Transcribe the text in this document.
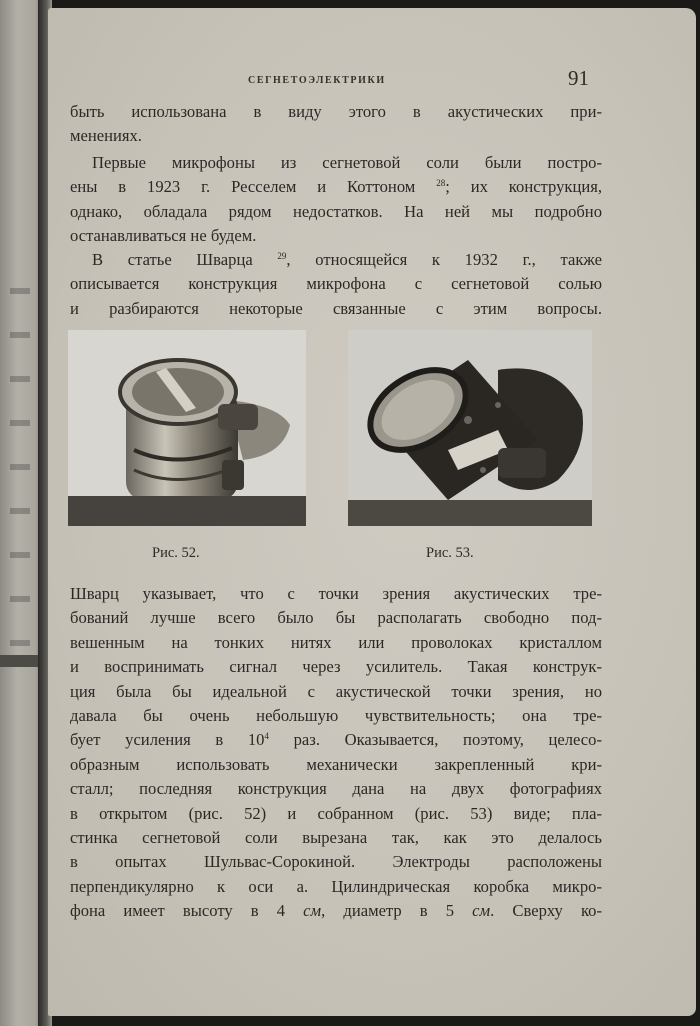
сегнетоэлектрики	91

быть использована в виду этого в акустических при-
менениях.

Первые микрофоны из сегнетовой соли были постро-
ены в 1923 г. Ресселем и Коттоном $^{28}$; их конструкция,
однако, обладала рядом недостатков. На ней мы подробно
останавливаться не будем.

В статье Шварца $^{29}$, относящейся к 1932 г., также
описывается конструкция микрофона с сегнетовой солью
и разбираются некоторые связанные с этим вопросы.

Рис. 52.	Рис. 53.

Шварц указывает, что с точки зрения акустических тре-
бований лучше всего было бы располагать свободно под-
вешенным на тонких нитях или проволоках кристаллом
и воспринимать сигнал через усилитель. Такая конструк-
ция была бы идеальной с акустической точки зрения, но
давала бы очень небольшую чувствительность; она тре-
бует усиления в $10^4$ раз. Оказывается, поэтому, целесо-
образным использовать механически закрепленный кри-
сталл; последняя конструкция дана на двух фотографиях
в открытом (рис. 52) и собранном (рис. 53) виде; пла-
стинка сегнетовой соли вырезана так, как это делалось
в опытах Шульвас-Сорокиной. Электроды расположены
перпендикулярно к оси a. Цилиндрическая коробка микро-
фона имеет высоту в 4 см, диаметр в 5 см. Сверху ко-
